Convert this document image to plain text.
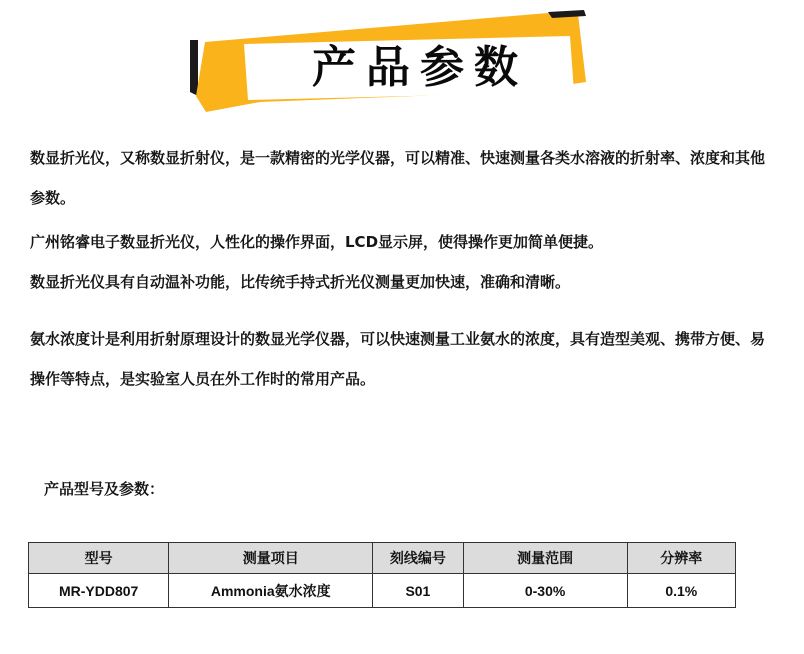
产品参数

数显折光仪，又称数显折射仪，是一款精密的光学仪器，可以精准、快速测量各类水溶液的折射率、浓度和其他参数。

广州铭睿电子数显折光仪，人性化的操作界面，LCD显示屏，使得操作更加简单便捷。

数显折光仪具有自动温补功能，比传统手持式折光仪测量更加快速，准确和清晰。

氨水浓度计是利用折射原理设计的数显光学仪器，可以快速测量工业氨水的浓度，具有造型美观、携带方便、易操作等特点，是实验室人员在外工作时的常用产品。

产品型号及参数：
型号	测量项目	刻线编号	测量范围	分辨率
MR-YDD807	Ammonia氨水浓度	S01	0-30%	0.1%
